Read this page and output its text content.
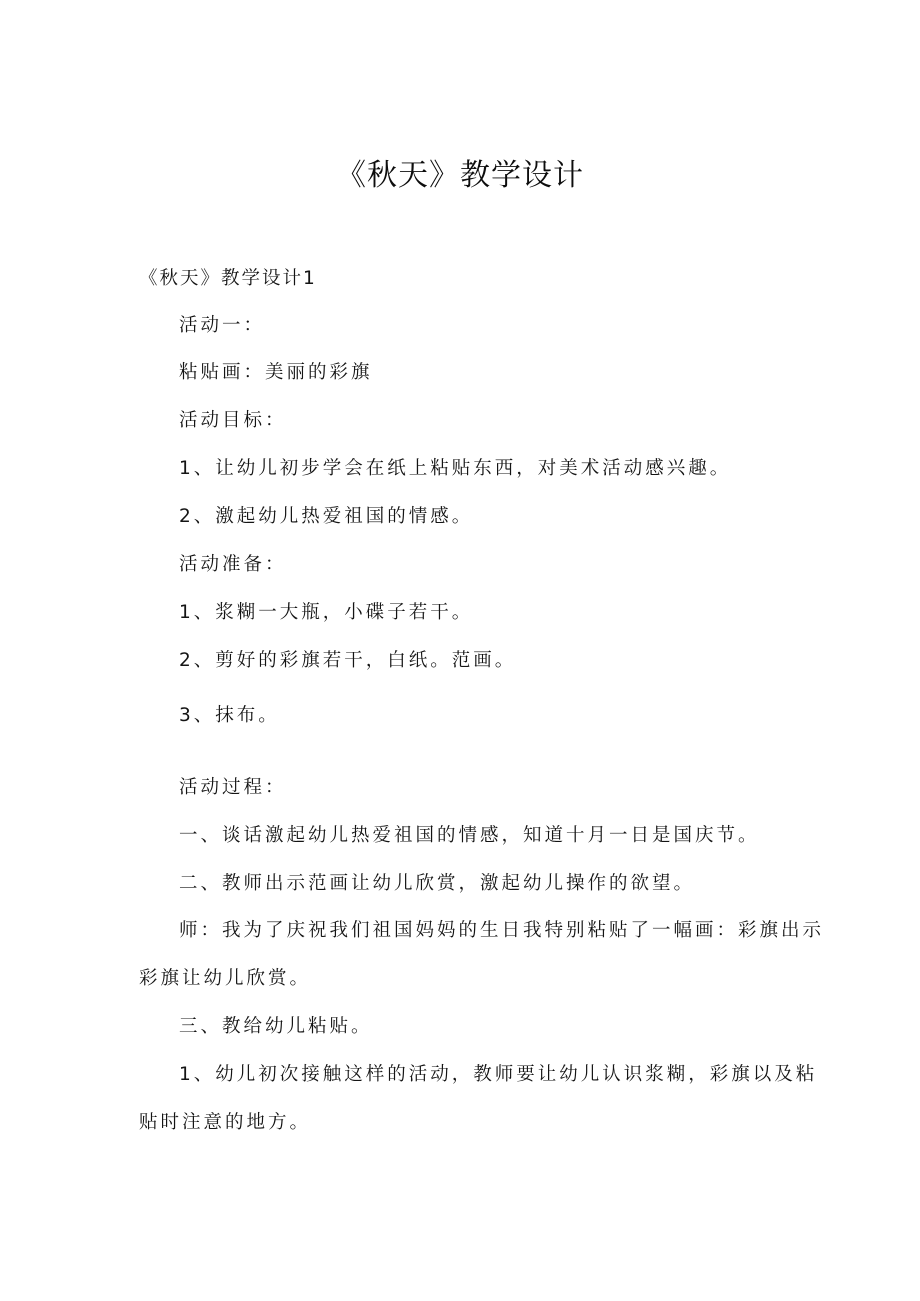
《秋天》教学设计
《秋天》教学设计1
活动一：
粘贴画：美丽的彩旗
活动目标：
1、让幼儿初步学会在纸上粘贴东西，对美术活动感兴趣。
2、激起幼儿热爱祖国的情感。
活动准备：
1、浆糊一大瓶，小碟子若干。
2、剪好的彩旗若干，白纸。范画。
3、抹布。
活动过程：
一、谈话激起幼儿热爱祖国的情感，知道十月一日是国庆节。
二、教师出示范画让幼儿欣赏，激起幼儿操作的欲望。
师：我为了庆祝我们祖国妈妈的生日我特别粘贴了一幅画：彩旗出示
彩旗让幼儿欣赏。
三、教给幼儿粘贴。
1、幼儿初次接触这样的活动，教师要让幼儿认识浆糊，彩旗以及粘
贴时注意的地方。
